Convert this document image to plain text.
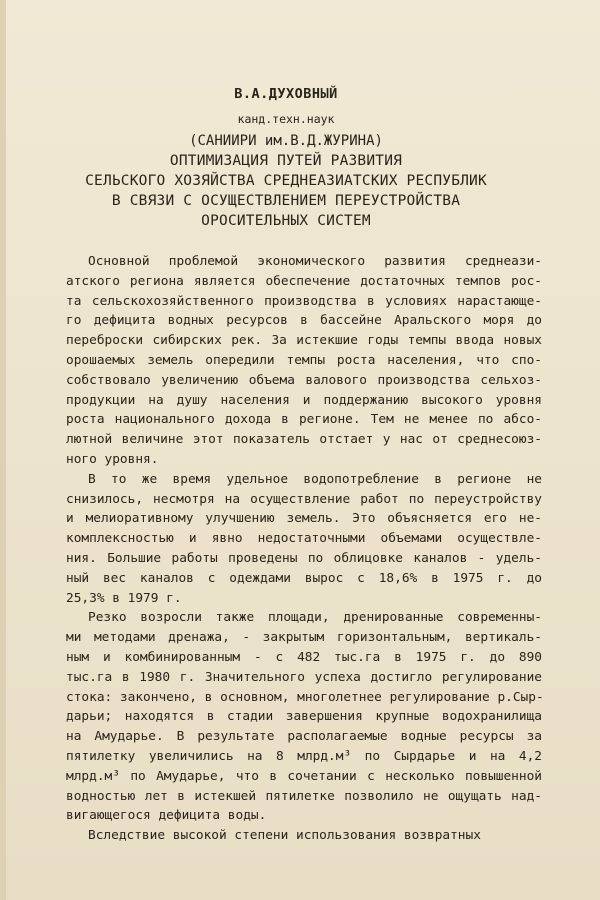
В.А.ДУХОВНЫЙ
канд.техн.наук
(САНИИРИ им.В.Д.ЖУРИНА)
ОПТИМИЗАЦИЯ ПУТЕЙ РАЗВИТИЯ
СЕЛЬСКОГО ХОЗЯЙСТВА СРЕДНЕАЗИАТСКИХ РЕСПУБЛИК
В СВЯЗИ С ОСУЩЕСТВЛЕНИЕМ ПЕРЕУСТРОЙСТВА
ОРОСИТЕЛЬНЫХ СИСТЕМ
Основной проблемой экономического развития среднеази-
атского региона является обеспечение достаточных темпов рос-
та сельскохозяйственного производства в условиях нарастающе-
го дефицита водных ресурсов в бассейне Аральского моря до
переброски сибирских рек. За истекшие годы темпы ввода новых
орошаемых земель опередили темпы роста населения, что спо-
собствовало увеличению объема валового производства сельхоз-
продукции на душу населения и поддержанию высокого уровня
роста национального дохода в регионе. Тем не менее по абсо-
лютной величине этот показатель отстает у нас от среднесоюз-
ного уровня.
В то же время удельное водопотребление в регионе не
снизилось, несмотря на осуществление работ по переустройству
и мелиоративному улучшению земель. Это объясняется его не-
комплексностью и явно недостаточными объемами осуществле-
ния. Большие работы проведены по облицовке каналов - удель-
ный вес каналов с одеждами вырос с 18,6% в 1975 г. до
25,3% в 1979 г.
Резко возросли также площади, дренированные современны-
ми методами дренажа, - закрытым горизонтальным, вертикаль-
ным и комбинированным - с 482 тыс.га в 1975 г. до 890
тыс.га в 1980 г. Значительного успеха достигло регулирование
стока: закончено, в основном, многолетнее регулирование р.Сыр-
дарьи; находятся в стадии завершения крупные водохранилища
на Амударье. В результате располагаемые водные ресурсы за
пятилетку увеличились на 8 млрд.м³ по Сырдарье и на 4,2
млрд.м³ по Амударье, что в сочетании с несколько повышенной
водностью лет в истекшей пятилетке позволило не ощущать над-
вигающегося дефицита воды.
Вследствие высокой степени использования возвратных
